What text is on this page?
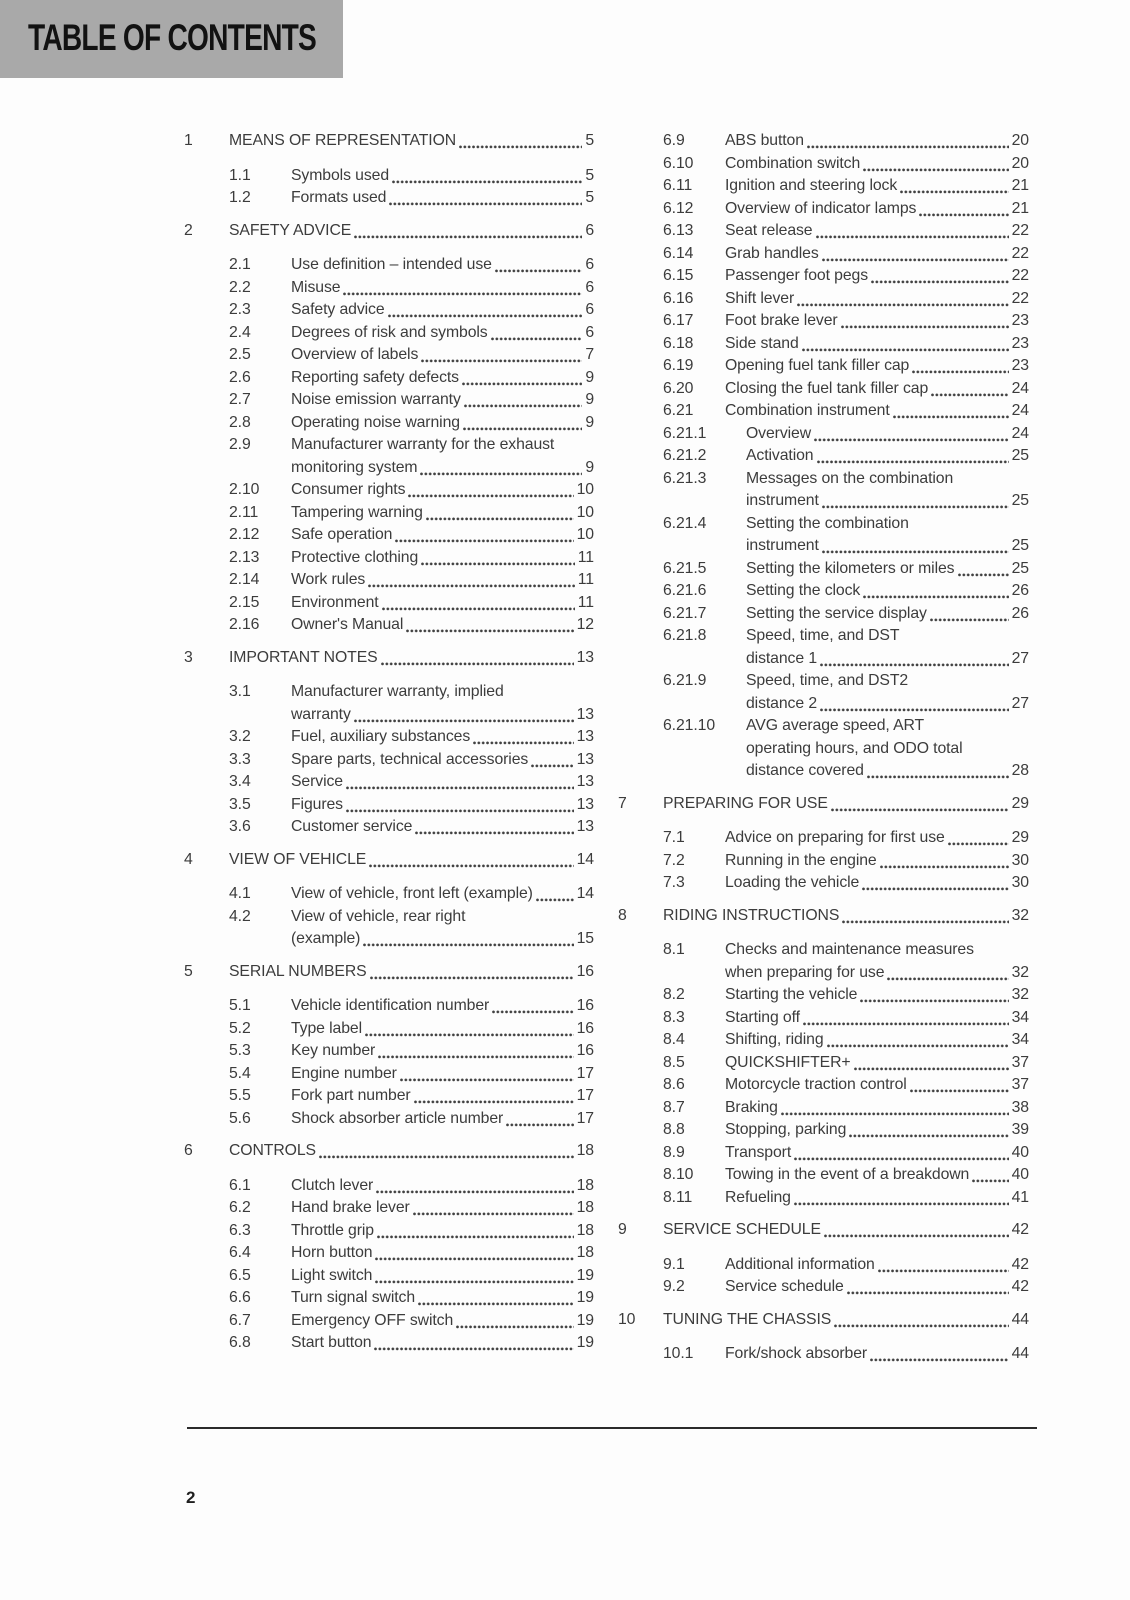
TABLE OF CONTENTS
1	MEANS OF REPRESENTATION	5
1.1	Symbols used	5
1.2	Formats used	5
2	SAFETY ADVICE	6
2.1	Use definition – intended use	6
2.2	Misuse	6
2.3	Safety advice	6
2.4	Degrees of risk and symbols	6
2.5	Overview of labels	7
2.6	Reporting safety defects	9
2.7	Noise emission warranty	9
2.8	Operating noise warning	9
2.9	Manufacturer warranty for the exhaust
monitoring system	9
2.10	Consumer rights	10
2.11	Tampering warning	10
2.12	Safe operation	10
2.13	Protective clothing	11
2.14	Work rules	11
2.15	Environment	11
2.16	Owner's Manual	12
3	IMPORTANT NOTES	13
3.1	Manufacturer warranty, implied
warranty	13
3.2	Fuel, auxiliary substances	13
3.3	Spare parts, technical accessories	13
3.4	Service	13
3.5	Figures	13
3.6	Customer service	13
4	VIEW OF VEHICLE	14
4.1	View of vehicle, front left (example)	14
4.2	View of vehicle, rear right
(example)	15
5	SERIAL NUMBERS	16
5.1	Vehicle identification number	16
5.2	Type label	16
5.3	Key number	16
5.4	Engine number	17
5.5	Fork part number	17
5.6	Shock absorber article number	17
6	CONTROLS	18
6.1	Clutch lever	18
6.2	Hand brake lever	18
6.3	Throttle grip	18
6.4	Horn button	18
6.5	Light switch	19
6.6	Turn signal switch	19
6.7	Emergency OFF switch	19
6.8	Start button	19
6.9	ABS button	20
6.10	Combination switch	20
6.11	Ignition and steering lock	21
6.12	Overview of indicator lamps	21
6.13	Seat release	22
6.14	Grab handles	22
6.15	Passenger foot pegs	22
6.16	Shift lever	22
6.17	Foot brake lever	23
6.18	Side stand	23
6.19	Opening fuel tank filler cap	23
6.20	Closing the fuel tank filler cap	24
6.21	Combination instrument	24
6.21.1	Overview	24
6.21.2	Activation	25
6.21.3	Messages on the combination
instrument	25
6.21.4	Setting the combination
instrument	25
6.21.5	Setting the kilometers or miles	25
6.21.6	Setting the clock	26
6.21.7	Setting the service display	26
6.21.8	Speed, time, and DST
distance 1	27
6.21.9	Speed, time, and DST2
distance 2	27
6.21.10	AVG average speed, ART
operating hours, and ODO total
distance covered	28
7	PREPARING FOR USE	29
7.1	Advice on preparing for first use	29
7.2	Running in the engine	30
7.3	Loading the vehicle	30
8	RIDING INSTRUCTIONS	32
8.1	Checks and maintenance measures
when preparing for use	32
8.2	Starting the vehicle	32
8.3	Starting off	34
8.4	Shifting, riding	34
8.5	QUICKSHIFTER+	37
8.6	Motorcycle traction control	37
8.7	Braking	38
8.8	Stopping, parking	39
8.9	Transport	40
8.10	Towing in the event of a breakdown	40
8.11	Refueling	41
9	SERVICE SCHEDULE	42
9.1	Additional information	42
9.2	Service schedule	42
10	TUNING THE CHASSIS	44
10.1	Fork/shock absorber	44
2
